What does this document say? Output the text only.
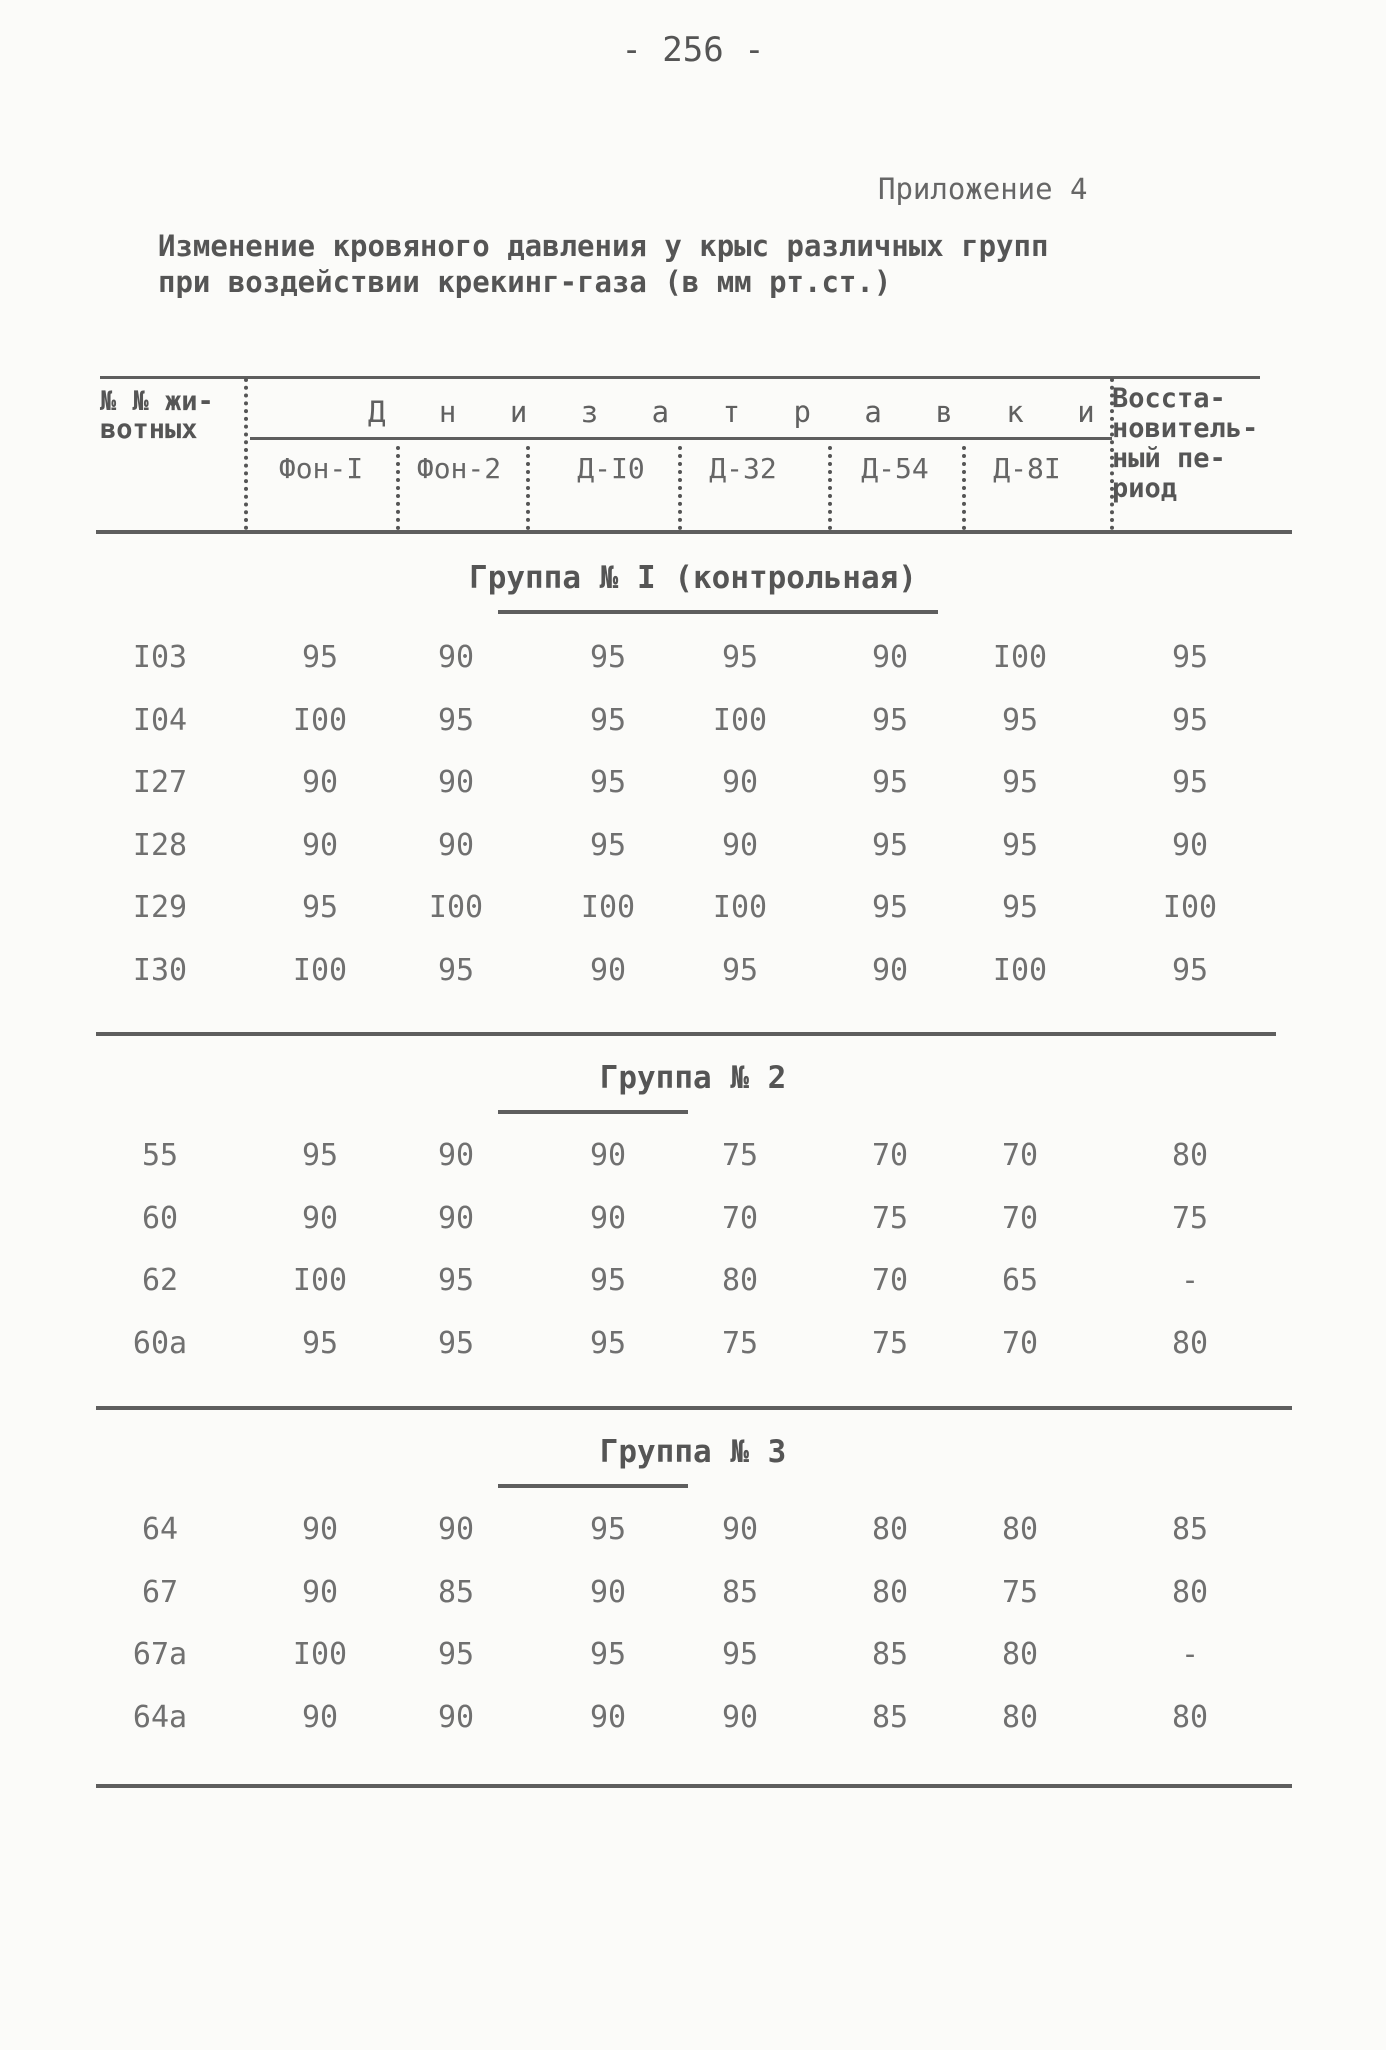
- 256 -
Приложение 4
Изменение кровяного давления у крыс различных групп
при воздействии крекинг-газа (в мм рт.ст.)
№ № жи-
вотных
Д н и з а т р а в к и
Фон-I	Фон-2	Д-I0	Д-32	Д-54	Д-8I
Восста-
новитель-
ный пе-
риод
Группа № I (контрольная)
Группа № 2
Группа № 3
I03	95	90	95	95	90	I00	95
I04	I00	95	95	I00	95	95	95
I27	90	90	95	90	95	95	95
I28	90	90	95	90	95	95	90
I29	95	I00	I00	I00	95	95	I00
I30	I00	95	90	95	90	I00	95
55	95	90	90	75	70	70	80
60	90	90	90	70	75	70	75
62	I00	95	95	80	70	65	-
60а	95	95	95	75	75	70	80
64	90	90	95	90	80	80	85
67	90	85	90	85	80	75	80
67а	I00	95	95	95	85	80	-
64а	90	90	90	90	85	80	80
